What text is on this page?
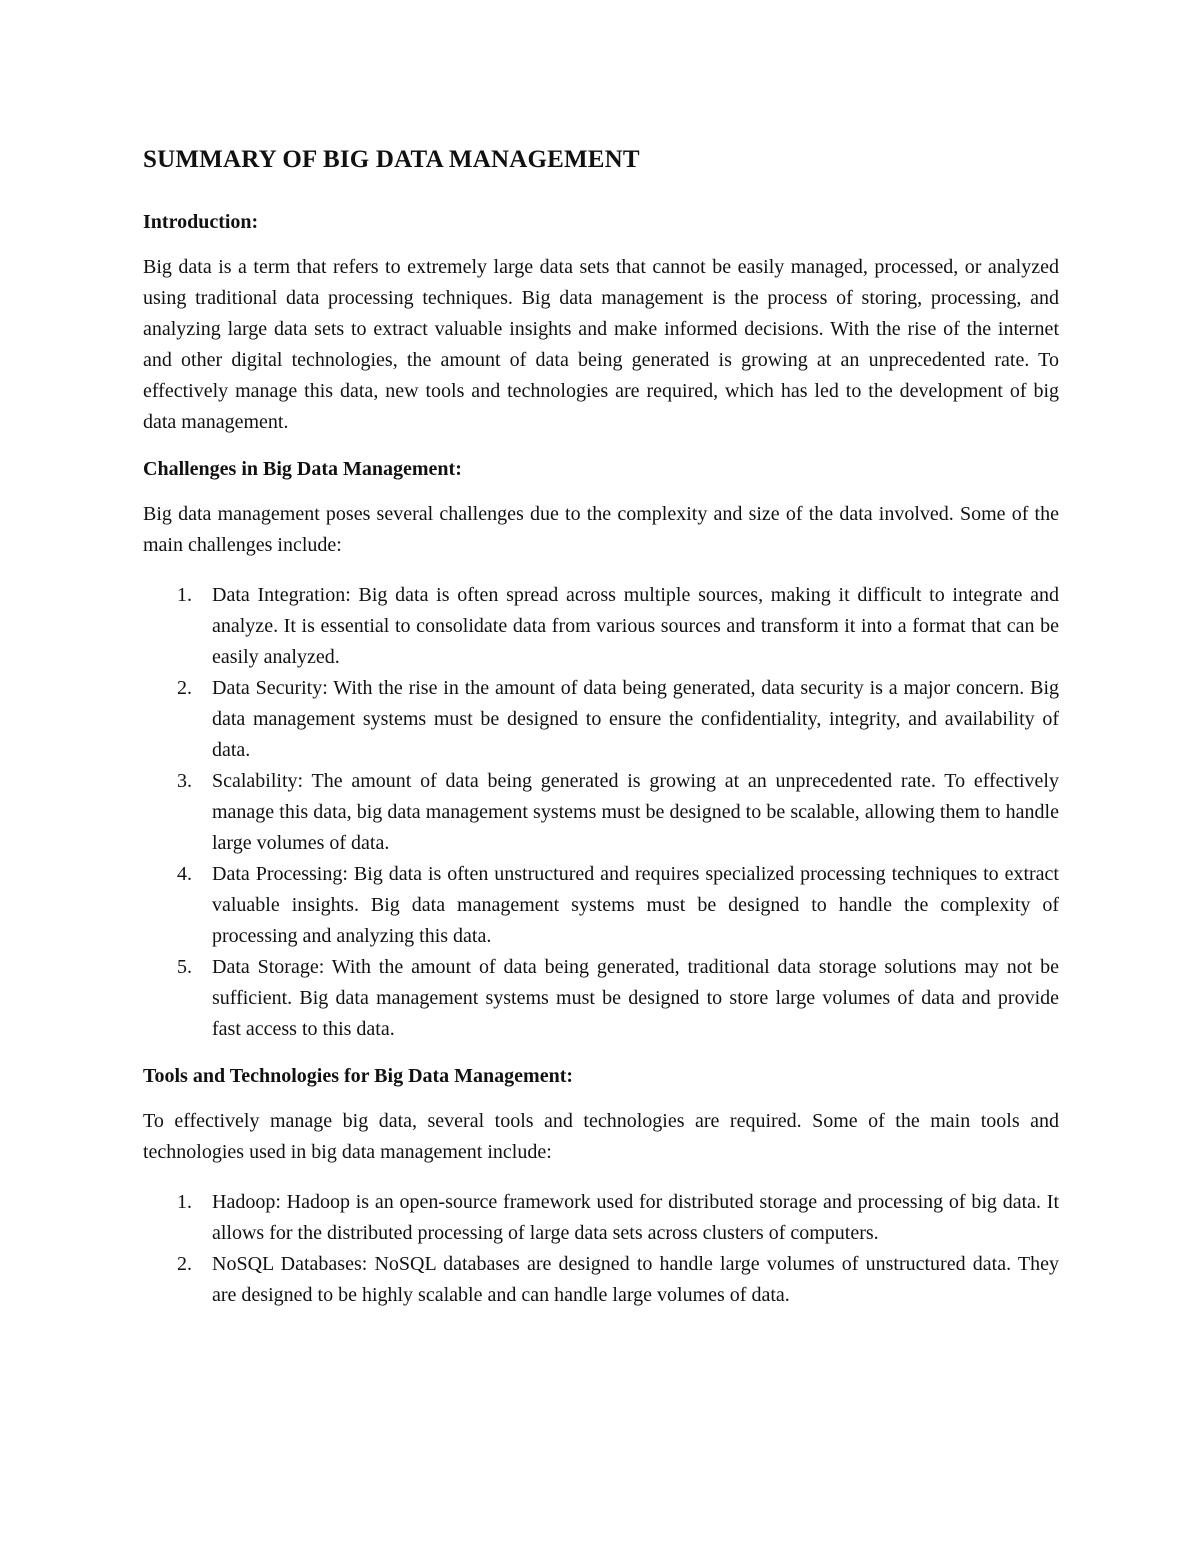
SUMMARY OF BIG DATA MANAGEMENT
Introduction:

Big data is a term that refers to extremely large data sets that cannot be easily managed, processed, or analyzed using traditional data processing techniques. Big data management is the process of storing, processing, and analyzing large data sets to extract valuable insights and make informed decisions. With the rise of the internet and other digital technologies, the amount of data being generated is growing at an unprecedented rate. To effectively manage this data, new tools and technologies are required, which has led to the development of big data management.

Challenges in Big Data Management:

Big data management poses several challenges due to the complexity and size of the data involved. Some of the main challenges include:

1. Data Integration: Big data is often spread across multiple sources, making it difficult to integrate and analyze. It is essential to consolidate data from various sources and transform it into a format that can be easily analyzed.
2. Data Security: With the rise in the amount of data being generated, data security is a major concern. Big data management systems must be designed to ensure the confidentiality, integrity, and availability of data.
3. Scalability: The amount of data being generated is growing at an unprecedented rate. To effectively manage this data, big data management systems must be designed to be scalable, allowing them to handle large volumes of data.
4. Data Processing: Big data is often unstructured and requires specialized processing techniques to extract valuable insights. Big data management systems must be designed to handle the complexity of processing and analyzing this data.
5. Data Storage: With the amount of data being generated, traditional data storage solutions may not be sufficient. Big data management systems must be designed to store large volumes of data and provide fast access to this data.
Tools and Technologies for Big Data Management:

To effectively manage big data, several tools and technologies are required. Some of the main tools and technologies used in big data management include:

1. Hadoop: Hadoop is an open-source framework used for distributed storage and processing of big data. It allows for the distributed processing of large data sets across clusters of computers.
2. NoSQL Databases: NoSQL databases are designed to handle large volumes of unstructured data. They are designed to be highly scalable and can handle large volumes of data.
